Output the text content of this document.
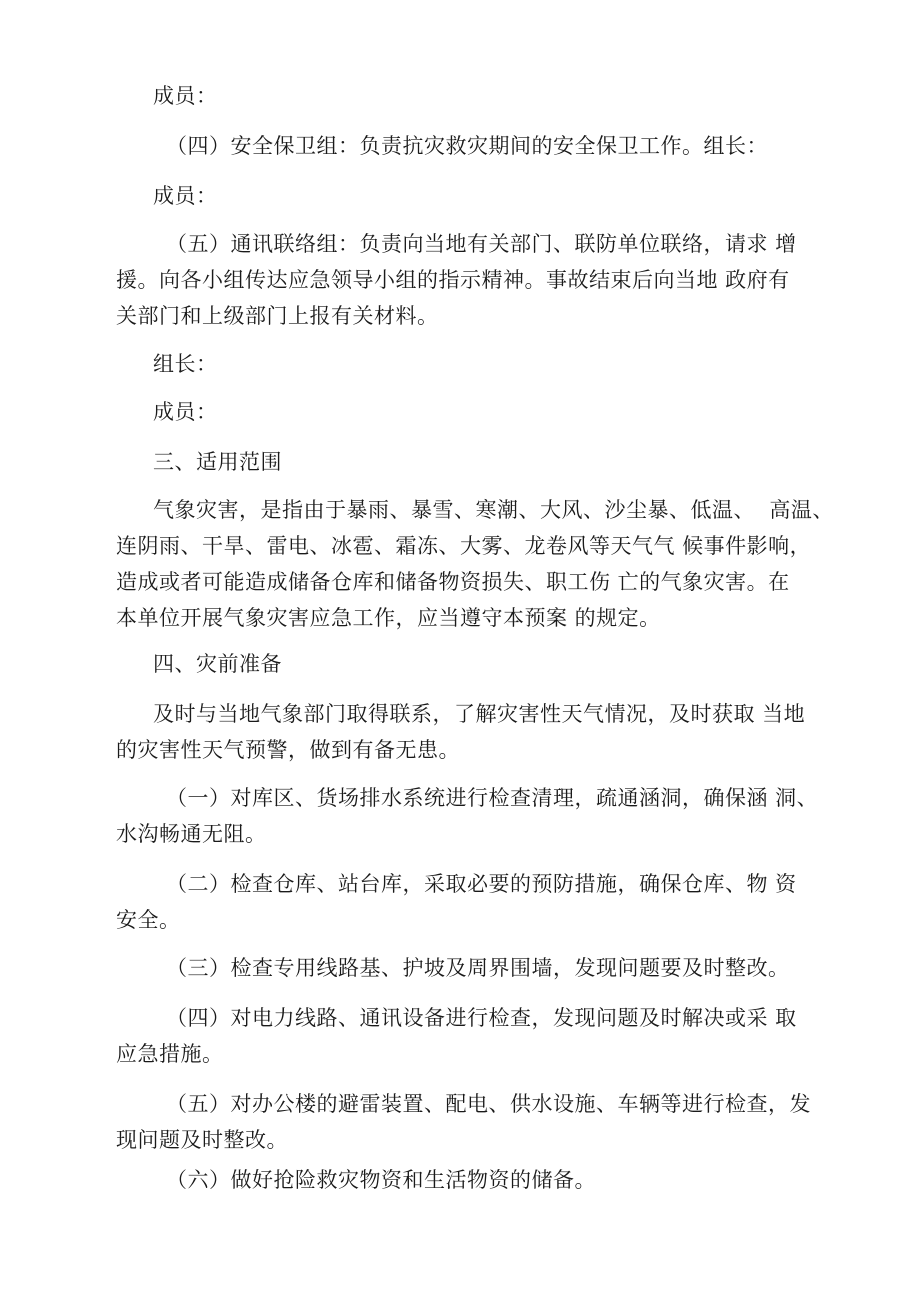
成员：

（四）安全保卫组：负责抗灾救灾期间的安全保卫工作。组长：

成员：

（五）通讯联络组：负责向当地有关部门、联防单位联络，请求 增
援。向各小组传达应急领导小组的指示精神。事故结束后向当地 政府有
关部门和上级部门上报有关材料。

组长：

成员：

三、适用范围

气象灾害，是指由于暴雨、暴雪、寒潮、大风、沙尘暴、低温、  高温、
连阴雨、干旱、雷电、冰雹、霜冻、大雾、龙卷风等天气气 候事件影响，
造成或者可能造成储备仓库和储备物资损失、职工伤 亡的气象灾害。在
本单位开展气象灾害应急工作，应当遵守本预案 的规定。

四、灾前准备

及时与当地气象部门取得联系，了解灾害性天气情况，及时获取 当地
的灾害性天气预警，做到有备无患。

（一）对库区、货场排水系统进行检查清理，疏通涵洞，确保涵 洞、
水沟畅通无阻。

（二）检查仓库、站台库，采取必要的预防措施，确保仓库、物 资
安全。

（三）检查专用线路基、护坡及周界围墙，发现问题要及时整改。

（四）对电力线路、通讯设备进行检查，发现问题及时解决或采 取
应急措施。

（五）对办公楼的避雷装置、配电、供水设施、车辆等进行检查，发
现问题及时整改。

（六）做好抢险救灾物资和生活物资的储备。
